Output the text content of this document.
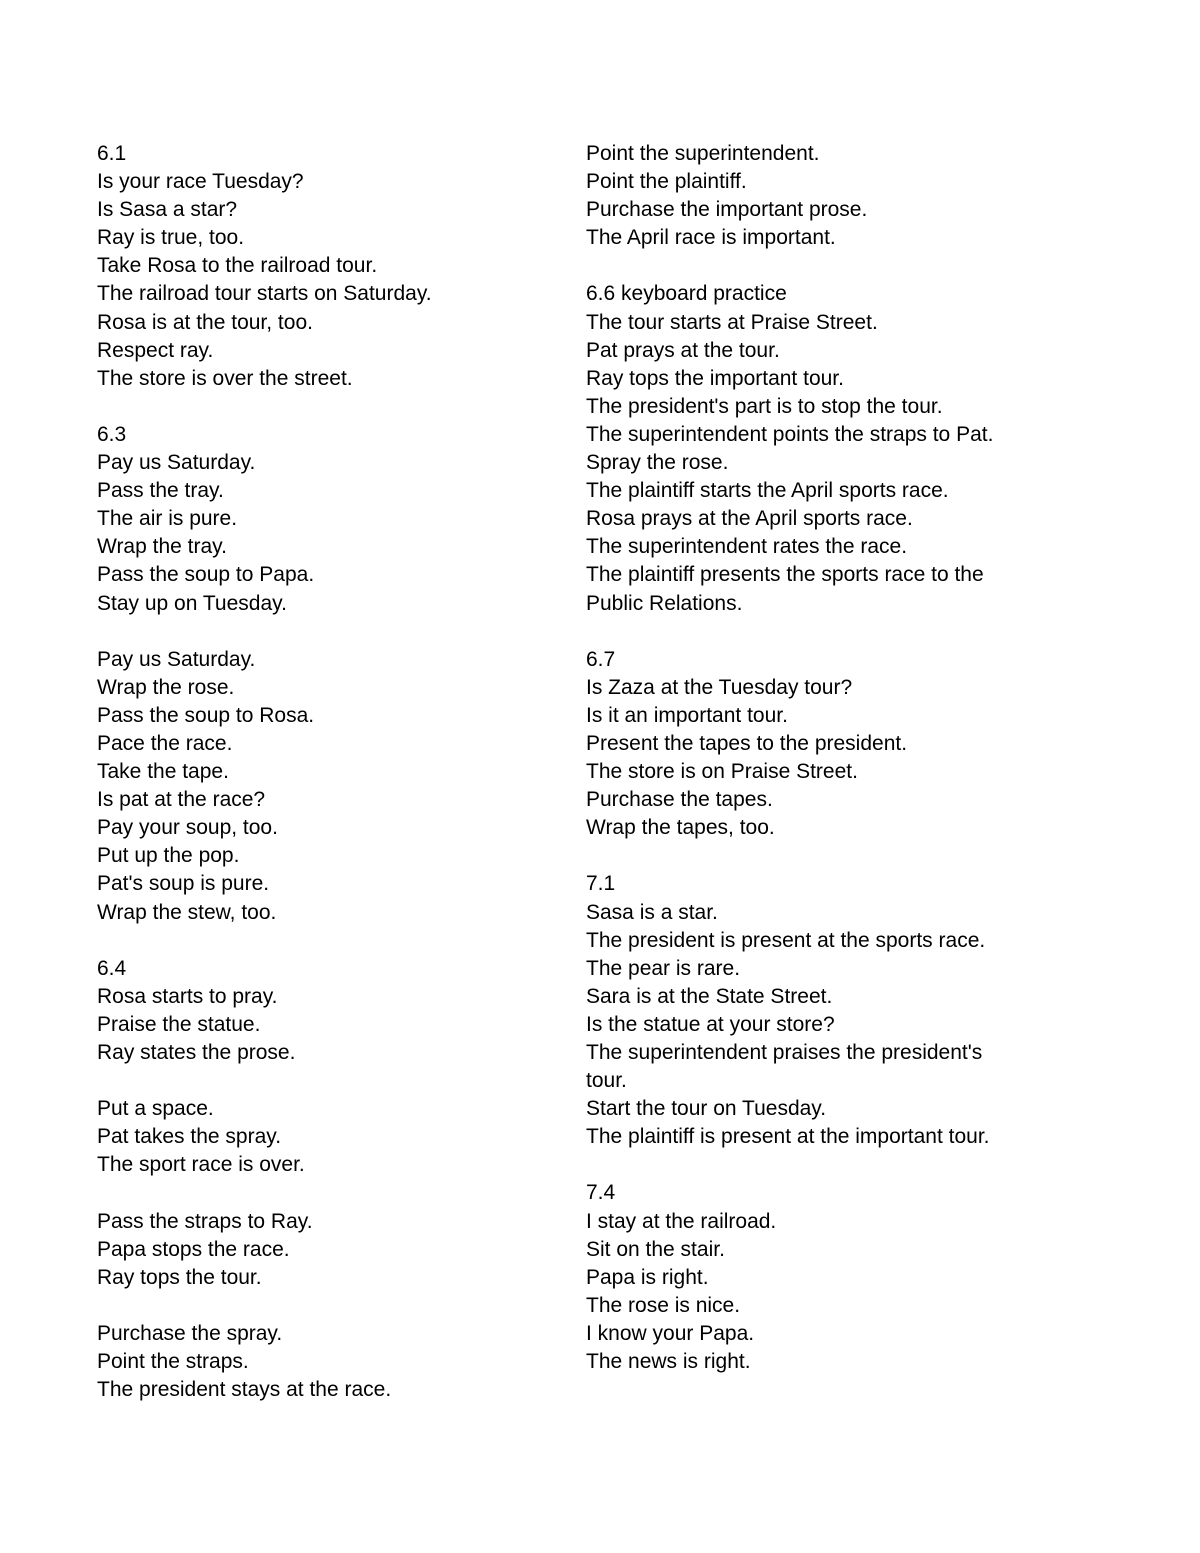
6.1
Is your race Tuesday?
Is Sasa a star?
Ray is true, too.
Take Rosa to the railroad tour.
The railroad tour starts on Saturday.
Rosa is at the tour, too.
Respect ray.
The store is over the street.
6.3
Pay us Saturday.
Pass the tray.
The air is pure.
Wrap the tray.
Pass the soup to Papa.
Stay up on Tuesday.
Pay us Saturday.
Wrap the rose.
Pass the soup to Rosa.
Pace the race.
Take the tape.
Is pat at the race?
Pay your soup, too.
Put up the pop.
Pat's soup is pure.
Wrap the stew, too.
6.4
Rosa starts to pray.
Praise the statue.
Ray states the prose.
Put a space.
Pat takes the spray.
The sport race is over.
Pass the straps to Ray.
Papa stops the race.
Ray tops the tour.
Purchase the spray.
Point the straps.
The president stays at the race.
Point the superintendent.
Point the plaintiff.
Purchase the important prose.
The April race is important.
6.6 keyboard practice
The tour starts at Praise Street.
Pat prays at the tour.
Ray tops the important tour.
The president's part is to stop the tour.
The superintendent points the straps to Pat.
Spray the rose.
The plaintiff starts the April sports race.
Rosa prays at the April sports race.
The superintendent rates the race.
The plaintiff presents the sports race to the
Public Relations.
6.7
Is Zaza at the Tuesday tour?
Is it an important tour.
Present the tapes to the president.
The store is on Praise Street.
Purchase the tapes.
Wrap the tapes, too.
7.1
Sasa is a star.
The president is present at the sports race.
The pear is rare.
Sara is at the State Street.
Is the statue at your store?
The superintendent praises the president's
tour.
Start the tour on Tuesday.
The plaintiff is present at the important tour.
7.4
I stay at the railroad.
Sit on the stair.
Papa is right.
The rose is nice.
I know your Papa.
The news is right.
